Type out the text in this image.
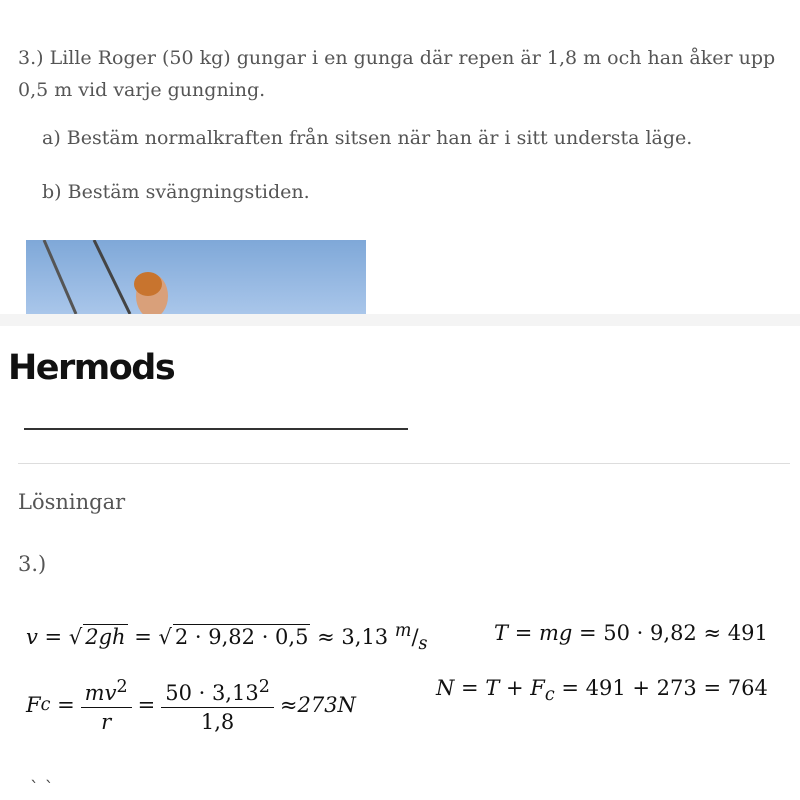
3.) Lille Roger (50 kg) gungar i en gunga där repen är 1,8 m och han åker upp 0,5 m vid varje gungning.
a) Bestäm normalkraften från sitsen när han är i sitt understa läge.
b) Bestäm svängningstiden.
Hermods
Lösningar
3.)
v = √ 2gh = √ 2 · 9,82 · 0,5 ≈ 3,13 $^m/_s$	T = mg = 50 · 9,82 ≈ 491
F $c = \frac{mv^2}{r} = \frac{50 \cdot 3,13^2}{1,8} \approx 273N$
$N = T + F_c = 491 + 273 = 764$
` `
